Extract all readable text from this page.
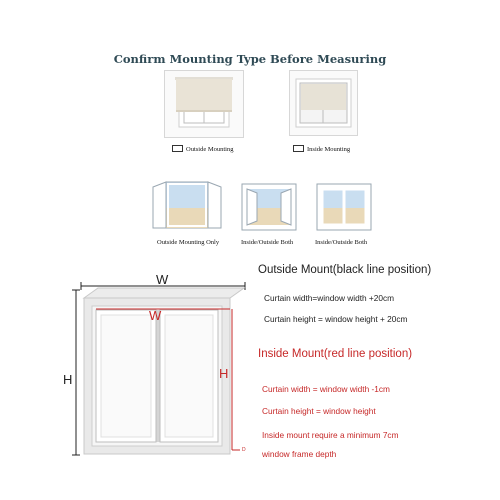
Confirm Mounting Type Before Measuring
Outside Mounting	Inside Mounting
Outside Mounting Only	Inside/Outside Both	Inside/Outside Both
W
H
W
H
D
Outside Mount(black line position)
Curtain width=window width +20cm
Curtain height = window height + 20cm
Inside Mount(red line position)
Curtain width = window width -1cm
Curtain height = window height
Inside mount require a minimum 7cm
window frame depth
